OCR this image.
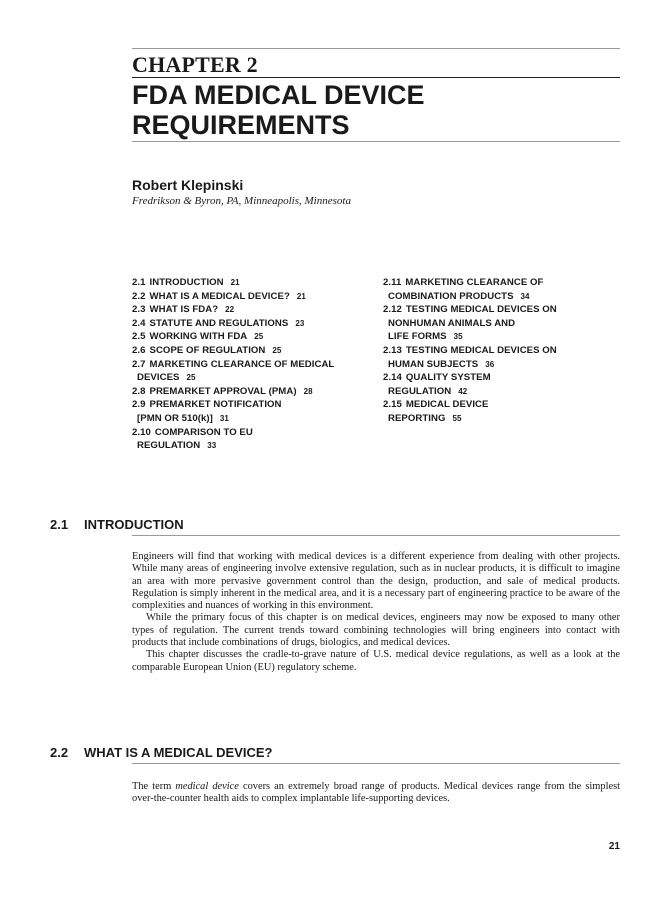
CHAPTER 2
FDA MEDICAL DEVICE REQUIREMENTS
Robert Klepinski
Fredrikson & Byron, PA, Minneapolis, Minnesota
2.1 INTRODUCTION 21
2.2 WHAT IS A MEDICAL DEVICE? 21
2.3 WHAT IS FDA? 22
2.4 STATUTE AND REGULATIONS 23
2.5 WORKING WITH FDA 25
2.6 SCOPE OF REGULATION 25
2.7 MARKETING CLEARANCE OF MEDICAL
DEVICES 25
2.8 PREMARKET APPROVAL (PMA) 28
2.9 PREMARKET NOTIFICATION
[PMN OR 510(k)] 31
2.10 COMPARISON TO EU
REGULATION 33
2.11 MARKETING CLEARANCE OF
COMBINATION PRODUCTS 34
2.12 TESTING MEDICAL DEVICES ON
NONHUMAN ANIMALS AND
LIFE FORMS 35
2.13 TESTING MEDICAL DEVICES ON
HUMAN SUBJECTS 36
2.14 QUALITY SYSTEM
REGULATION 42
2.15 MEDICAL DEVICE
REPORTING 55
2.1 INTRODUCTION

Engineers will find that working with medical devices is a different experience from dealing with other projects. While many areas of engineering involve extensive regulation, such as in nuclear products, it is difficult to imagine an area with more pervasive government control than the design, production, and sale of medical products. Regulation is simply inherent in the medical area, and it is a necessary part of engineering practice to be aware of the complexities and nuances of working in this environment.

While the primary focus of this chapter is on medical devices, engineers may now be exposed to many other types of regulation. The current trends toward combining technologies will bring engineers into contact with products that include combinations of drugs, biologics, and medical devices.

This chapter discusses the cradle-to-grave nature of U.S. medical device regulations, as well as a look at the comparable European Union (EU) regulatory scheme.

2.2 WHAT IS A MEDICAL DEVICE?

The term medical device covers an extremely broad range of products. Medical devices range from the simplest over-the-counter health aids to complex implantable life-supporting devices.

21
